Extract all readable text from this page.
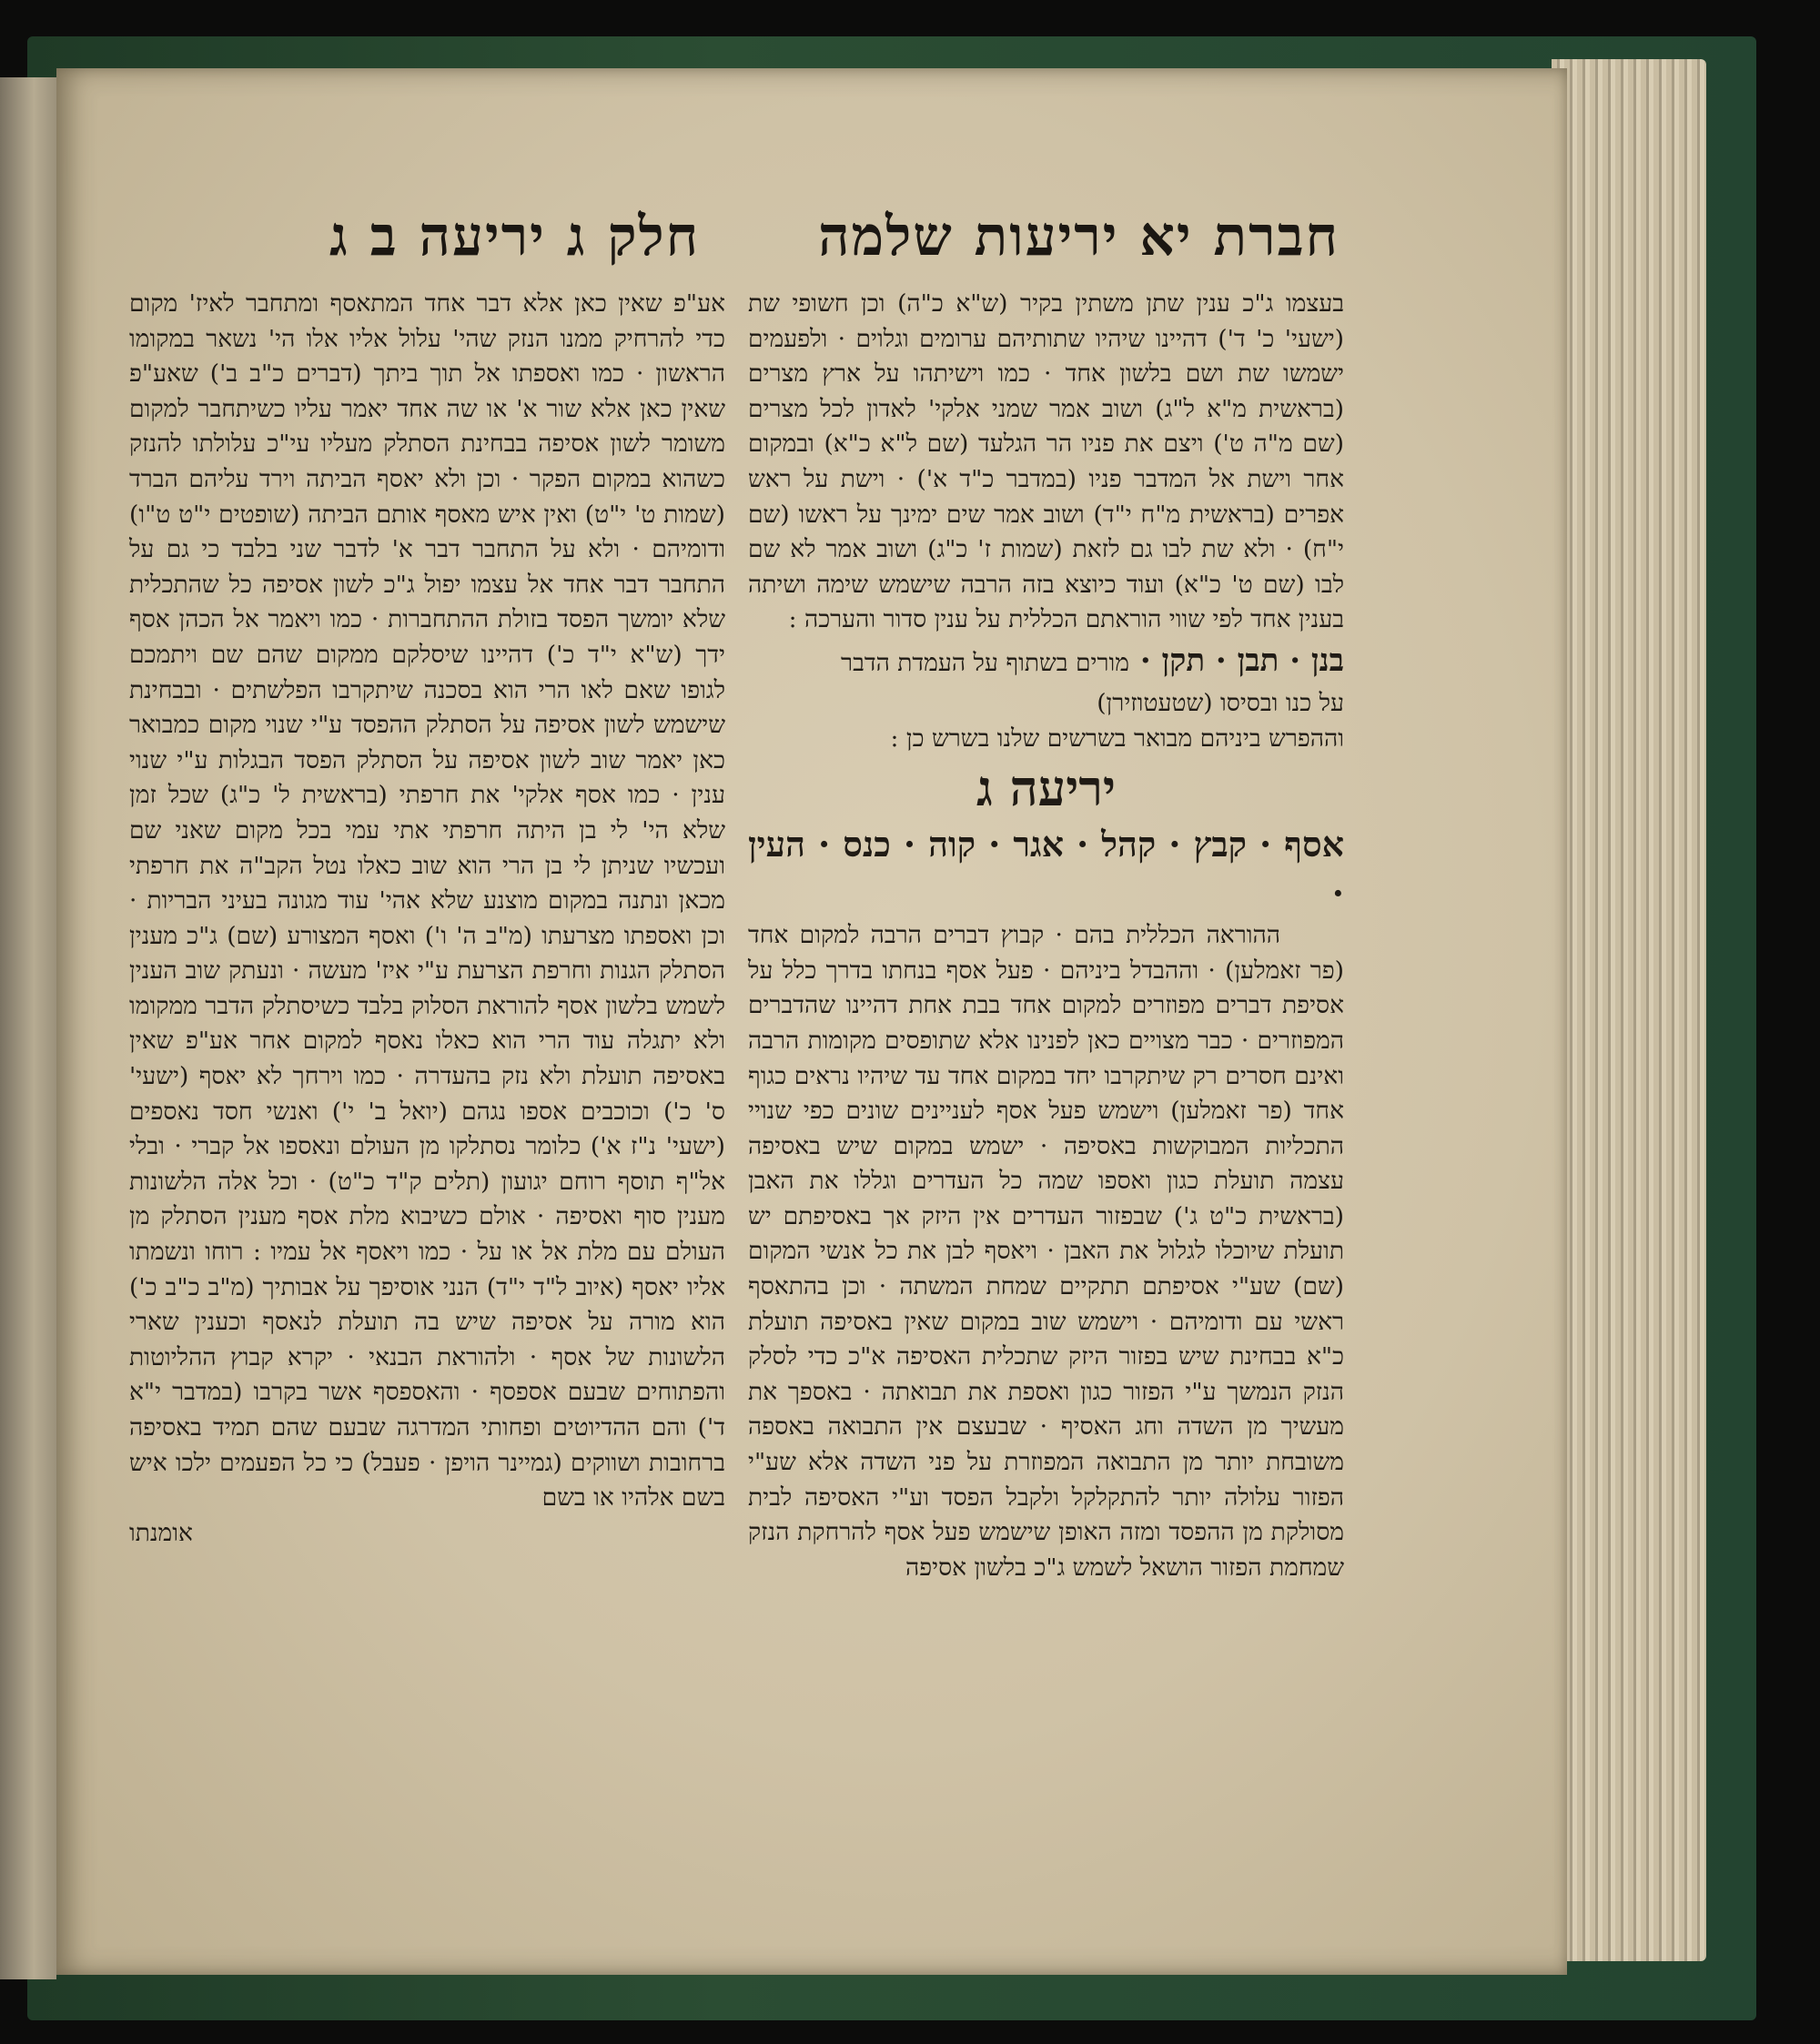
חברת יא יריעות שלמה
חלק ג יריעה ב ג

בעצמו ג"כ ענין שתן משתין בקיר (ש"א כ"ה) וכן חשופי שת (ישעי' כ' ד') דהיינו שיהיו שתותיהם ערומים וגלוים · ולפעמים ישמשו שת ושם בלשון אחד · כמו וישיתהו על ארץ מצרים (בראשית מ"א ל"ג) ושוב אמר שמני אלקי' לאדון לכל מצרים (שם מ"ה ט') ויצם את פניו הר הגלעד (שם ל"א כ"א) ובמקום אחר וישת אל המדבר פניו (במדבר כ"ד א') · וישת על ראש אפרים (בראשית מ"ח י"ד) ושוב אמר שים ימינך על ראשו (שם י"ח) · ולא שת לבו גם לזאת (שמות ז' כ"ג) ושוב אמר לא שם לבו (שם ט' כ"א) ועוד כיוצא בזה הרבה שישמש שימה ושיתה בענין אחד לפי שווי הוראתם הכללית על ענין סדור והערכה :

בנן · תבן · תקן · מורים בשתוף על העמדת הדבר

על כנו ובסיסו (שטעטוזירן)

וההפרש ביניהם מבואר בשרשים שלנו בשרש כן :

יריעה ג

אסף · קבץ · קהל · אגר · קוה · כנס · העין ·

ההוראה הכללית בהם · קבוץ דברים הרבה למקום אחד (פר זאמלען) · וההבדל ביניהם · פעל אסף בנחתו בדרך כלל על אסיפת דברים מפוזרים למקום אחד בבת אחת דהיינו שהדברים המפוזרים · כבר מצויים כאן לפנינו אלא שתופסים מקומות הרבה ואינם חסרים רק שיתקרבו יחד במקום אחד עד שיהיו נראים כגוף אחד (פר זאמלען) וישמש פעל אסף לעניינים שונים כפי שנויי התכליות המבוקשות באסיפה · ישמש במקום שיש באסיפה עצמה תועלת כגון ואספו שמה כל העדרים וגללו את האבן (בראשית כ"ט ג') שבפזור העדרים אין היזק אך באסיפתם יש תועלת שיוכלו לגלול את האבן · ויאסף לבן את כל אנשי המקום (שם) שע"י אסיפתם תתקיים שמחת המשתה · וכן בהתאסף ראשי עם ודומיהם · וישמש שוב במקום שאין באסיפה תועלת כ"א בבחינת שיש בפזור היזק שתכלית האסיפה א"כ כדי לסלק הנזק הנמשך ע"י הפזור כגון ואספת את תבואתה · באספך את מעשיך מן השדה וחג האסיף · שבעצם אין התבואה באספה משובחת יותר מן התבואה המפוזרת על פני השדה אלא שע"י הפזור עלולה יותר להתקלקל ולקבל הפסד וע"י האסיפה לבית מסולקת מן ההפסד ומזה האופן שישמש פעל אסף להרחקת הנזק שמחמת הפזור הושאל לשמש ג"כ בלשון אסיפה

אע"פ שאין כאן אלא דבר אחד המתאסף ומתחבר לאיז' מקום כדי להרחיק ממנו הנזק שהי' עלול אליו אלו הי' נשאר במקומו הראשון · כמו ואספתו אל תוך ביתך (דברים כ"ב ב') שאע"פ שאין כאן אלא שור א' או שה אחד יאמר עליו כשיתחבר למקום משומר לשון אסיפה בבחינת הסתלק מעליו עי"כ עלולתו להנזק כשהוא במקום הפקר · וכן ולא יאסף הביתה וירד עליהם הברד (שמות ט' י"ט) ואין איש מאסף אותם הביתה (שופטים י"ט ט"ו) ודומיהם · ולא על התחבר דבר א' לדבר שני בלבד כי גם על התחבר דבר אחד אל עצמו יפול ג"כ לשון אסיפה כל שהתכלית שלא יומשך הפסד בזולת ההתחברות · כמו ויאמר אל הכהן אסף ידך (ש"א י"ד כ') דהיינו שיסלקם ממקום שהם שם ויתמכם לגופו שאם לאו הרי הוא בסכנה שיתקרבו הפלשתים · ובבחינת שישמש לשון אסיפה על הסתלק ההפסד ע"י שנוי מקום כמבואר כאן יאמר שוב לשון אסיפה על הסתלק הפסד הבגלות ע"י שנוי ענין · כמו אסף אלקי' את חרפתי (בראשית ל' כ"ג) שכל זמן שלא הי' לי בן היתה חרפתי אתי עמי בכל מקום שאני שם ועכשיו שניתן לי בן הרי הוא שוב כאלו נטל הקב"ה את חרפתי מכאן ונתנה במקום מוצנע שלא אהי' עוד מגונה בעיני הבריות · וכן ואספתו מצרעתו (מ"ב ה' ו') ואסף המצורע (שם) ג"כ מענין הסתלק הגנות וחרפת הצרעת ע"י איז' מעשה · ונעתק שוב הענין לשמש בלשון אסף להוראת הסלוק בלבד כשיסתלק הדבר ממקומו ולא יתגלה עוד הרי הוא כאלו נאסף למקום אחר אע"פ שאין באסיפה תועלת ולא נזק בהעדרה · כמו וירחך לא יאסף (ישעי' ס' כ') וכוכבים אספו נגהם (יואל ב' י') ואנשי חסד נאספים (ישעי' נ"ז א') כלומר נסתלקו מן העולם ונאספו אל קברי · ובלי אל"ף תוסף רוחם יגועון (תלים ק"ד כ"ט) · וכל אלה הלשונות מענין סוף ואסיפה · אולם כשיבוא מלת אסף מענין הסתלק מן העולם עם מלת אל או על · כמו ויאסף אל עמיו : רוחו ונשמתו אליו יאסף (איוב ל"ד י"ד) הנני אוסיפך על אבותיך (מ"ב כ"ב כ') הוא מורה על אסיפה שיש בה תועלת לנאסף וכענין שארי הלשונות של אסף · ולהוראת הבנאי · יקרא קבוץ ההליוטות והפתוחים שבעם אספסף · והאספסף אשר בקרבו (במדבר י"א ד') והם ההדיוטים ופחותי המדרגה שבעם שהם תמיד באסיפה ברחובות ושווקים (גמיינר הויפן · פעבל) כי כל הפעמים ילכו איש בשם אלהיו או בשם

אומנתו
